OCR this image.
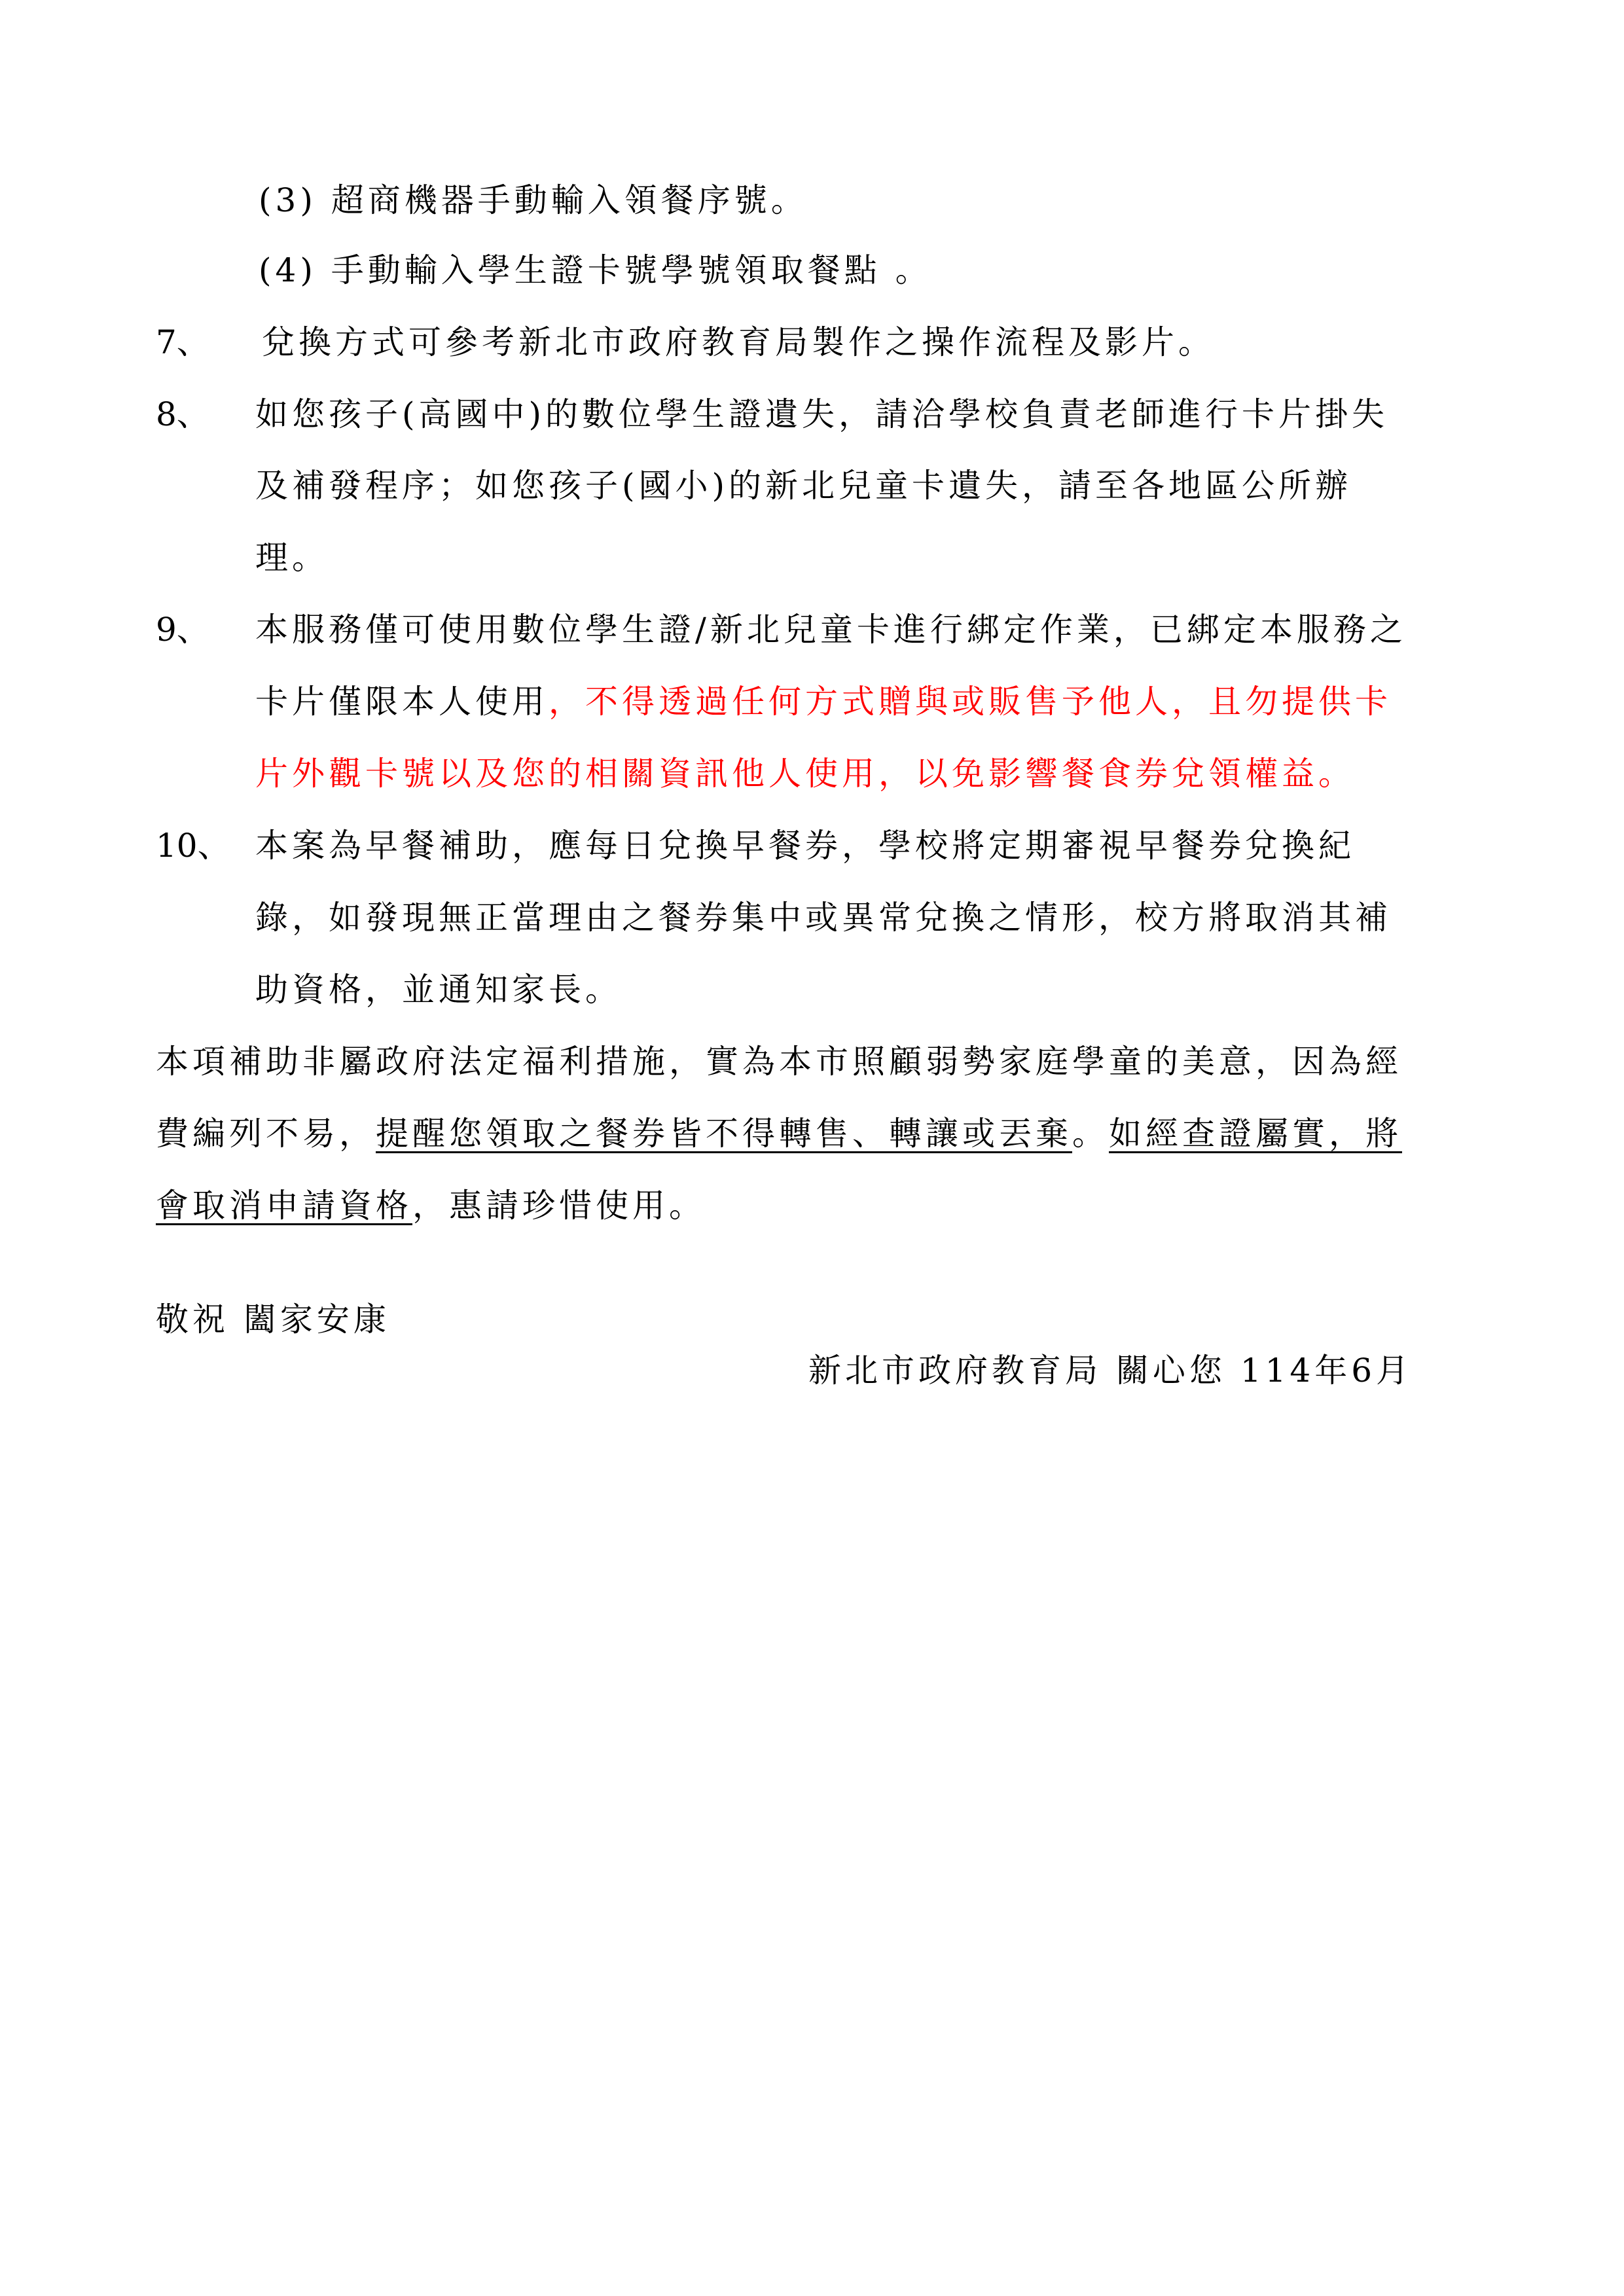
(3) 超商機器手動輸入領餐序號。
(4) 手動輸入學生證卡號學號領取餐點 。
7、 兌換方式可參考新北市政府教育局製作之操作流程及影片。
8、 如您孩子(高國中)的數位學生證遺失，請洽學校負責老師進行卡片掛失
及補發程序；如您孩子(國小)的新北兒童卡遺失，請至各地區公所辦
理。
9、 本服務僅可使用數位學生證/新北兒童卡進行綁定作業，已綁定本服務之
卡片僅限本人使用，不得透過任何方式贈與或販售予他人，且勿提供卡
片外觀卡號以及您的相關資訊他人使用，以免影響餐食券兌領權益。
10、 本案為早餐補助，應每日兌換早餐券，學校將定期審視早餐券兌換紀
錄，如發現無正當理由之餐券集中或異常兌換之情形，校方將取消其補
助資格，並通知家長。
本項補助非屬政府法定福利措施，實為本市照顧弱勢家庭學童的美意，因為經
費編列不易，提醒您領取之餐券皆不得轉售、轉讓或丟棄。如經查證屬實，將
會取消申請資格，惠請珍惜使用。
敬祝 闔家安康
新北市政府教育局 關心您 114年6月
